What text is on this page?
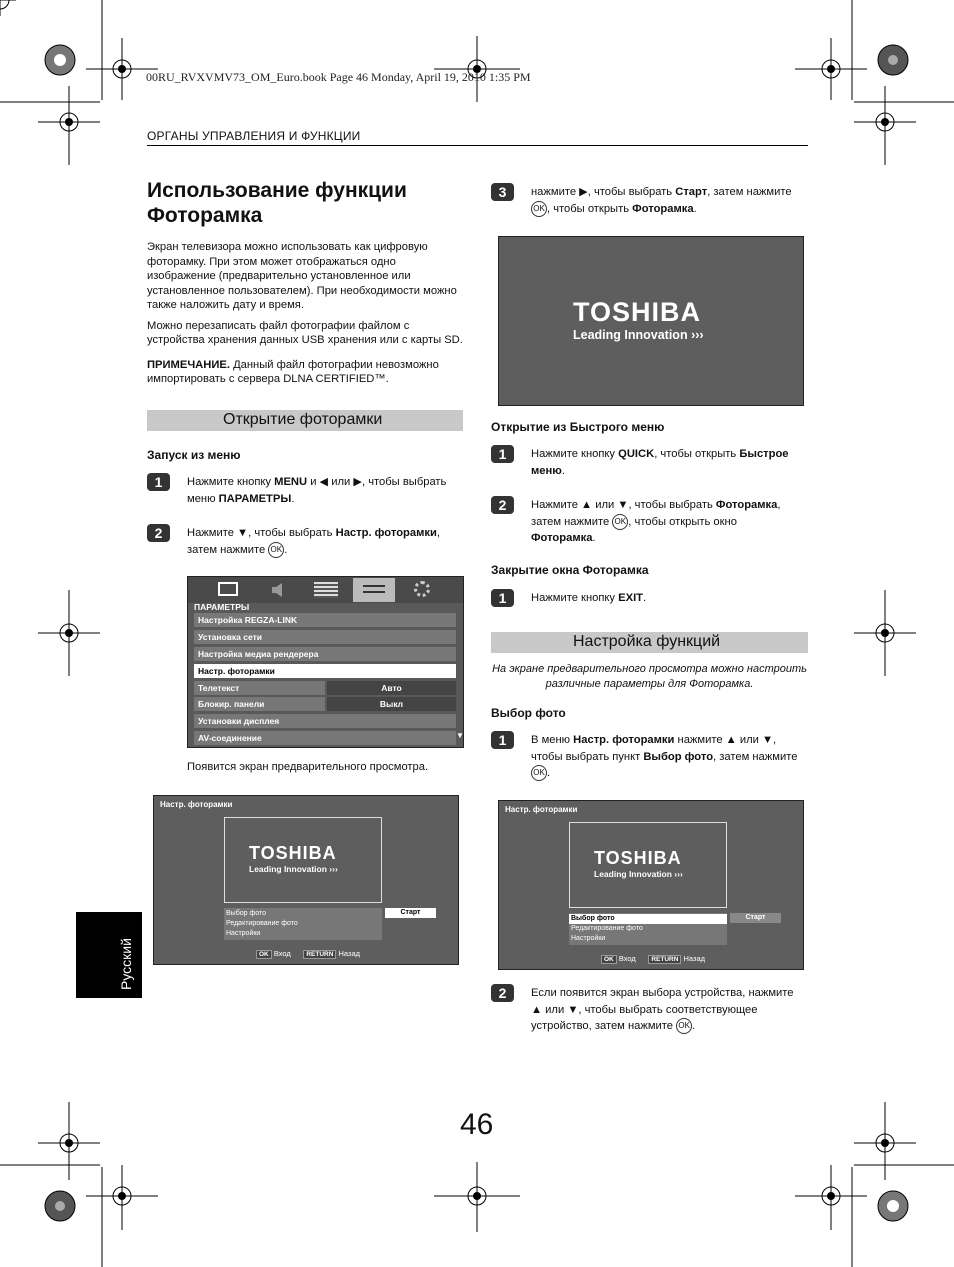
00RU_RVXVMV73_OM_Euro.book Page 46 Monday, April 19, 2010 1:35 PM
ОРГАНЫ УПРАВЛЕНИЯ И ФУНКЦИИ
Использование функции
Фоторамка

Экран телевизора можно использовать как цифровую
фоторамку. При этом может отображаться одно
изображение (предварительно установленное или
установленное пользователем). При необходимости можно
также наложить дату и время.

Можно перезаписать файл фотографии файлом с
устройства хранения данных USB хранения или с карты SD.

ПРИМЕЧАНИЕ. Данный файл фотографии невозможно
импортировать с сервера DLNA CERTIFIED™.

Открытие фоторамки
Запуск из меню
1	Нажмите кнопку MENU и ◀ или ▶, чтобы выбрать
меню ПАРАМЕТРЫ.
2	Нажмите ▼, чтобы выбрать Настр. фоторамки,
затем нажмите OK .
ПАРАМЕТРЫ
Настройка REGZA-LINK
Установка сети
Настройка медиа рендерера
Настр. фоторамки
Телетекст	Авто
Блокир. панели	Выкл
Установки дисплея
AV-соединение	▼
Появится экран предварительного просмотра.
Настр. фоторамки
TOSHIBA
Leading Innovation ›››
Выбор фото
Редактирование фото
Настройки
Старт
OK Вход RETURN Назад
Русский
3	нажмите ▶, чтобы выбрать Старт, затем нажмите
OK , чтобы открыть Фоторамка.
TOSHIBA
Leading Innovation ›››
Открытие из Быстрого меню
1	Нажмите кнопку QUICK, чтобы открыть Быстрое
меню.
2	Нажмите ▲ или ▼, чтобы выбрать Фоторамка,
затем нажмите OK , чтобы открыть окно
Фоторамка.
Закрытие окна Фоторамка
1	Нажмите кнопку EXIT.
Настройка функций
На экране предварительного просмотра можно настроить
различные параметры для Фоторамка.
Выбор фото
1	В меню Настр. фоторамки нажмите ▲ или ▼,
чтобы выбрать пункт Выбор фото, затем нажмите
OK .
Настр. фоторамки
TOSHIBA
Leading Innovation ›››
Выбор фото
Редактирование фото
Настройки
Старт
OK Вход RETURN Назад
2	Если появится экран выбора устройства, нажмите
▲ или ▼, чтобы выбрать соответствующее
устройство, затем нажмите OK .
46
